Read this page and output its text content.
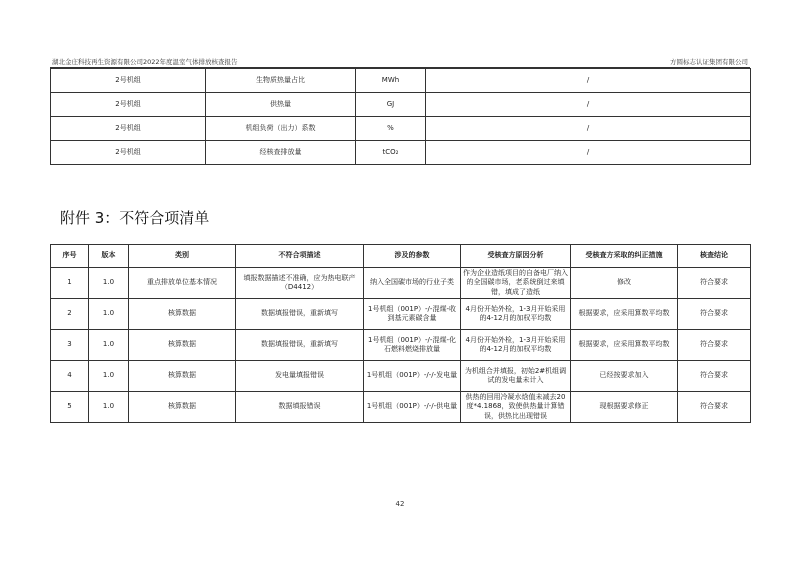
湖北金庄科技再生资源有限公司2022年度温室气体排放核查报告	方圆标志认证集团有限公司
2号机组	生物质热量占比	MWh	/
2号机组	供热量	GJ	/
2号机组	机组负荷（出力）系数	%	/
2号机组	经核查排放量	tCO₂	/
附件 3：不符合项清单
序号	版本	类别	不符合项描述	涉及的参数	受核查方原因分析	受核查方采取的纠正措施	核查结论
1	1.0	重点排放单位基本情况	填报数据描述不准确，应为热电联产（D4412）	纳入全国碳市场的行业子类	作为企业造纸项目的自备电厂纳入的全国碳市场，老系统倒过来填错，填成了造纸	修改	符合要求
2	1.0	核算数据	数据填报错误，重新填写	1号机组（001P）-/-混煤-收到基元素碳含量	4月份开始外检，1-3月开始采用的4-12月的加权平均数	根据要求，应采用算数平均数	符合要求
3	1.0	核算数据	数据填报错误，重新填写	1号机组（001P）-/-混煤-化石燃料燃烧排放量	4月份开始外检，1-3月开始采用的4-12月的加权平均数	根据要求，应采用算数平均数	符合要求
4	1.0	核算数据	发电量填报错误	1号机组（001P）-/-/-发电量	为机组合并填报，初始2#机组调试的发电量未计入	已经按要求加入	符合要求
5	1.0	核算数据	数据填报错误	1号机组（001P）-/-/-供电量	供热的回用冷凝水焓值未减去20度*4.1868，致使供热量计算错误，供热比出现错误	现根据要求修正	符合要求
42
